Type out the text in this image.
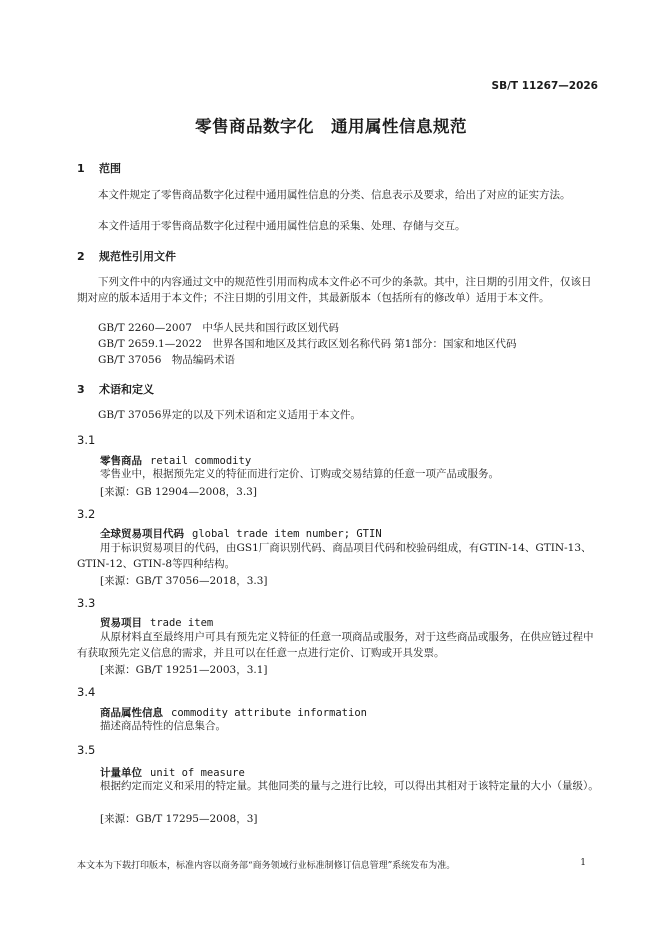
SB/T 11267—2026
零售商品数字化　通用属性信息规范
1 范围
本文件规定了零售商品数字化过程中通用属性信息的分类、信息表示及要求，给出了对应的证实方法。
本文件适用于零售商品数字化过程中通用属性信息的采集、处理、存储与交互。
2 规范性引用文件
下列文件中的内容通过文中的规范性引用而构成本文件必不可少的条款。其中，注日期的引用文件，仅该日期对应的版本适用于本文件；不注日期的引用文件，其最新版本（包括所有的修改单）适用于本文件。
GB/T 2260—2007　中华人民共和国行政区划代码
GB/T 2659.1—2022　世界各国和地区及其行政区划名称代码 第1部分：国家和地区代码
GB/T 37056　物品编码术语
3 术语和定义
GB/T 37056界定的以及下列术语和定义适用于本文件。
3.1
零售商品 retail commodity
零售业中，根据预先定义的特征而进行定价、订购或交易结算的任意一项产品或服务。
[来源：GB 12904—2008，3.3]
3.2
全球贸易项目代码 global trade item number; GTIN
用于标识贸易项目的代码，由GS1厂商识别代码、商品项目代码和校验码组成，有GTIN-14、GTIN-13、GTIN-12、GTIN-8等四种结构。
[来源：GB/T 37056—2018，3.3]
3.3
贸易项目 trade item
从原材料直至最终用户可具有预先定义特征的任意一项商品或服务，对于这些商品或服务，在供应链过程中有获取预先定义信息的需求，并且可以在任意一点进行定价、订购或开具发票。
[来源：GB/T 19251—2003，3.1]
3.4
商品属性信息 commodity attribute information
描述商品特性的信息集合。
3.5
计量单位 unit of measure
根据约定而定义和采用的特定量。其他同类的量与之进行比较，可以得出其相对于该特定量的大小（量级）。
[来源：GB/T 17295—2008，3]
本文本为下载打印版本，标准内容以商务部“商务领域行业标准制修订信息管理”系统发布为准。	1
